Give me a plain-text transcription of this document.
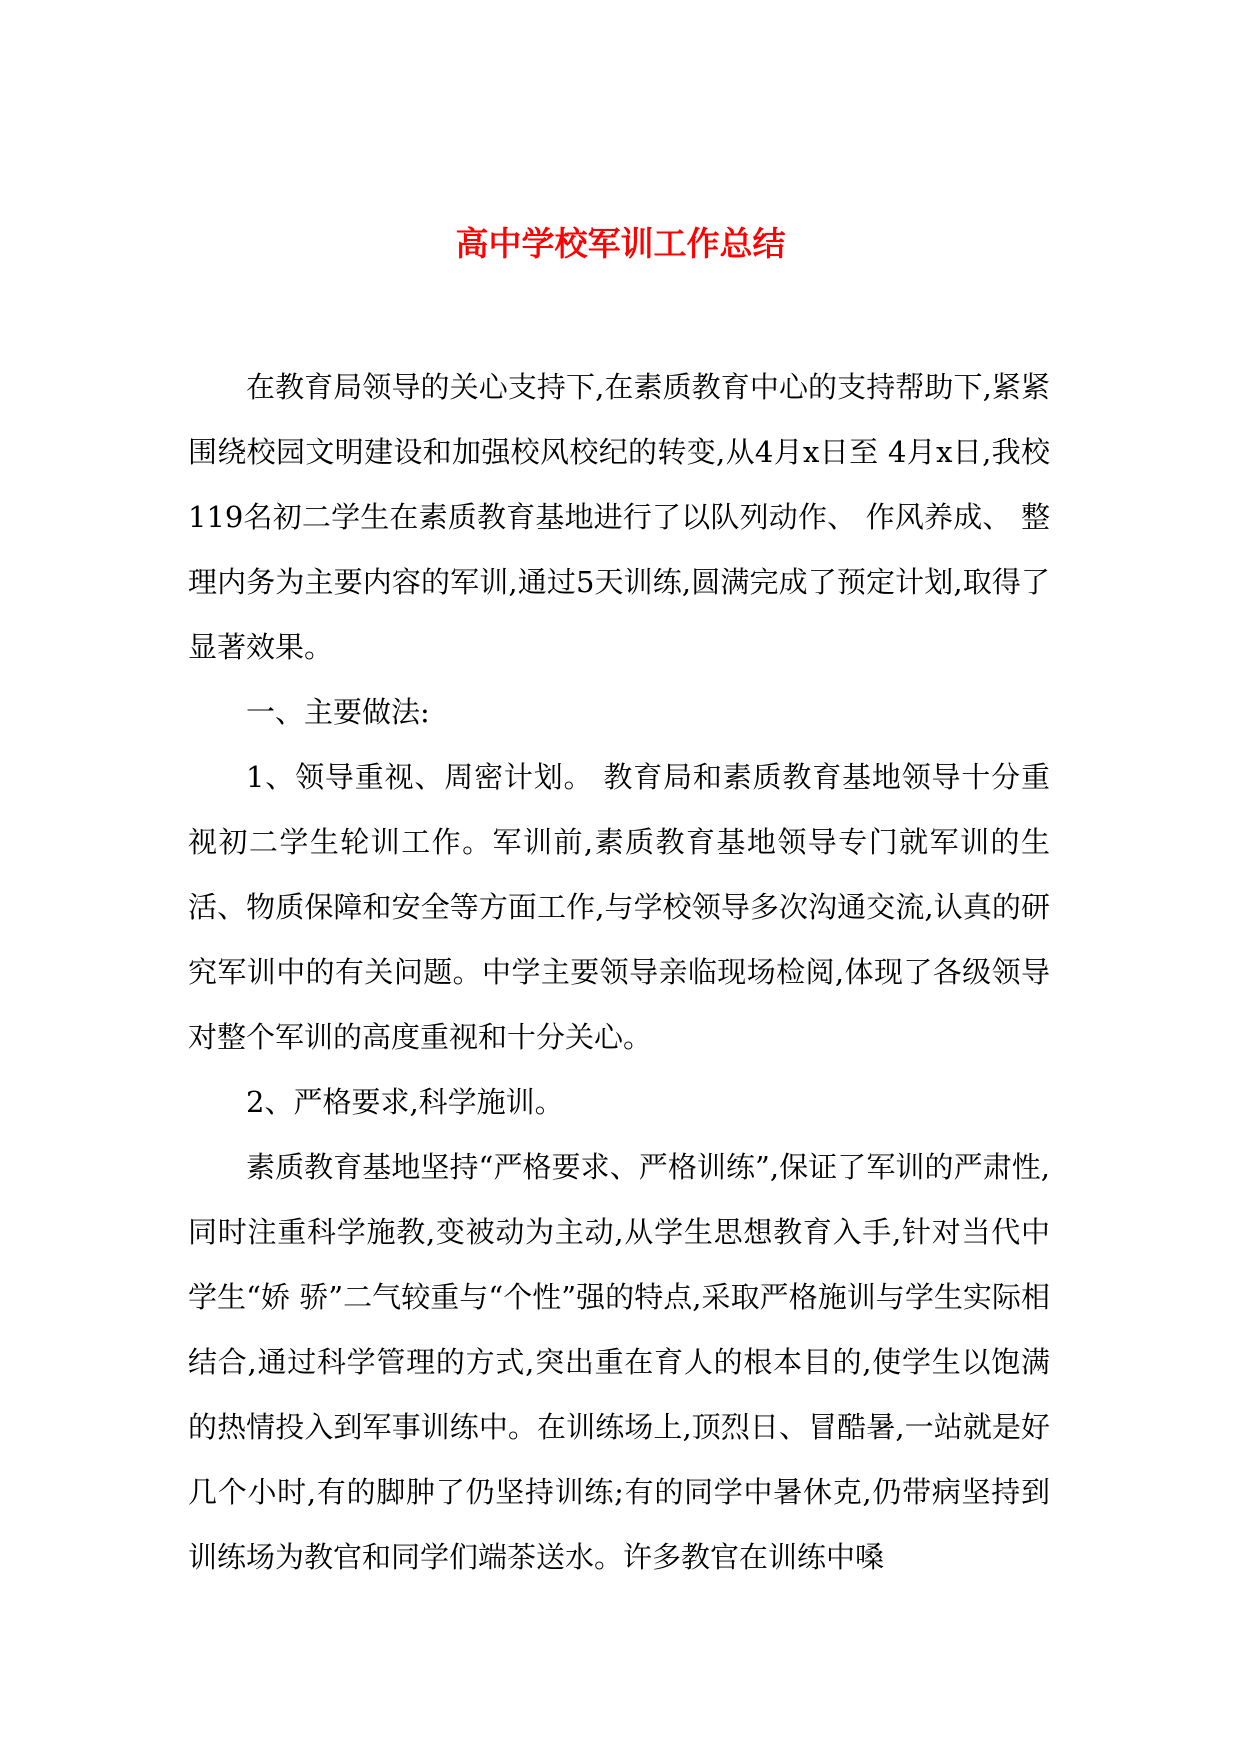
高中学校军训工作总结

在教育局领导的关心支持下,在素质教育中心的支持帮助下,紧紧围绕校园文明建设和加强校风校纪的转变,从4月x日至 4月x日,我校119名初二学生在素质教育基地进行了以队列动作、 作风养成、 整理内务为主要内容的军训,通过5天训练,圆满完成了预定计划,取得了显著效果。

一、主要做法:

1、领导重视、周密计划。 教育局和素质教育基地领导十分重视初二学生轮训工作。军训前,素质教育基地领导专门就军训的生活、物质保障和安全等方面工作,与学校领导多次沟通交流,认真的研究军训中的有关问题。中学主要领导亲临现场检阅,体现了各级领导对整个军训的高度重视和十分关心。

2、严格要求,科学施训。

素质教育基地坚持“严格要求、严格训练”,保证了军训的严肃性,同时注重科学施教,变被动为主动,从学生思想教育入手,针对当代中学生“娇 骄”二气较重与“个性”强的特点,采取严格施训与学生实际相结合,通过科学管理的方式,突出重在育人的根本目的,使学生以饱满的热情投入到军事训练中。在训练场上,顶烈日、冒酷暑,一站就是好几个小时,有的脚肿了仍坚持训练;有的同学中暑休克,仍带病坚持到 训练场为教官和同学们端茶送水。许多教官在训练中嗓
